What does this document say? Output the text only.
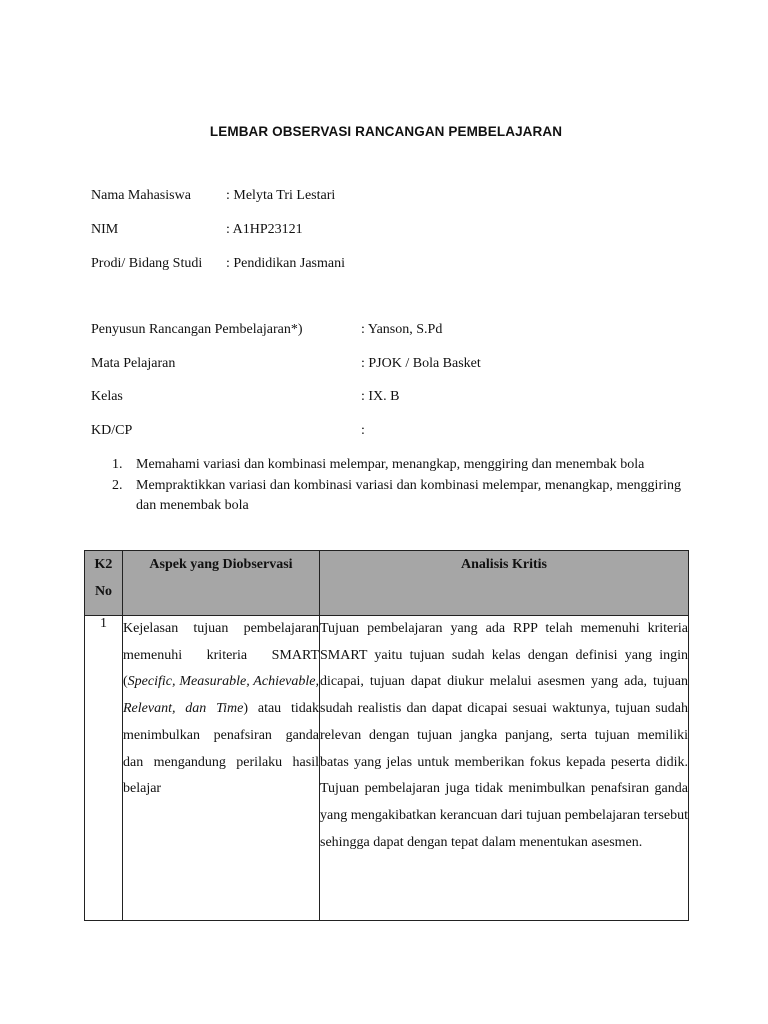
LEMBAR OBSERVASI RANCANGAN PEMBELAJARAN
Nama Mahasiswa	: Melyta Tri Lestari
NIM	: A1HP23121
Prodi/ Bidang Studi : Pendidikan Jasmani
Penyusun Rancangan Pembelajaran*)	: Yanson, S.Pd
Mata Pelajaran	: PJOK / Bola Basket
Kelas	: IX. B
KD/CP	:
1. Memahami variasi dan kombinasi melempar, menangkap, menggiring dan menembak bola
2. Mempraktikkan variasi dan kombinasi variasi dan kombinasi melempar, menangkap, menggiring dan menembak bola
K2
No	Aspek yang Diobservasi	Analisis Kritis

1	Kejelasan tujuan pembelajaran memenuhi kriteria SMART (Specific, Measurable, Achievable, Relevant, dan Time) atau tidak menimbulkan penafsiran ganda dan mengandung perilaku hasil belajar	Tujuan pembelajaran yang ada RPP telah memenuhi kriteria SMART yaitu tujuan sudah kelas dengan definisi yang ingin dicapai, tujuan dapat diukur melalui asesmen yang ada, tujuan sudah realistis dan dapat dicapai sesuai waktunya, tujuan sudah relevan dengan tujuan jangka panjang, serta tujuan memiliki batas yang jelas untuk memberikan fokus kepada peserta didik. Tujuan pembelajaran juga tidak menimbulkan penafsiran ganda yang mengakibatkan kerancuan dari tujuan pembelajaran tersebut sehingga dapat dengan tepat dalam menentukan asesmen.
